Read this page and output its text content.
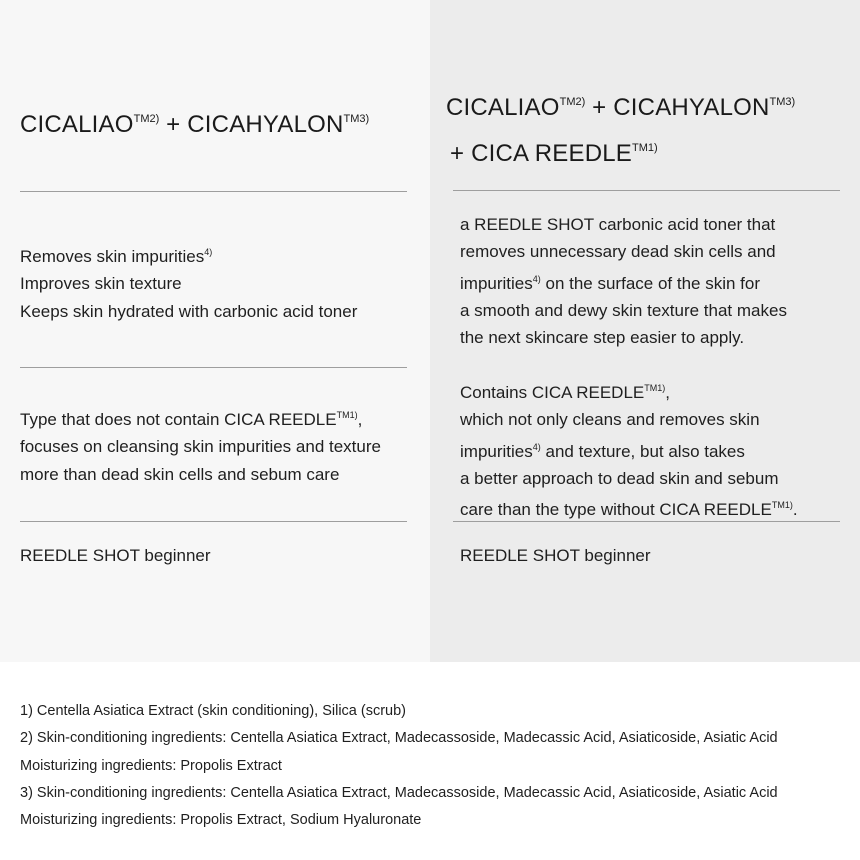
$CICALIAO^{TM2)}$ + $CICAHYALON^{TM3)}$
Removes skin impurities$^{4)}$
Improves skin texture
Keeps skin hydrated with carbonic acid toner
Type that does not contain CICA $REEDLE^{TM1)}$,
focuses on cleansing skin impurities and texture
more than dead skin cells and sebum care
REEDLE SHOT beginner
$CICALIAO^{TM2)}$ + $CICAHYALON^{TM3)}$
+ CICA $REEDLE^{TM1)}$
a REEDLE SHOT carbonic acid toner that
removes unnecessary dead skin cells and
impurities$^{4)}$ on the surface of the skin for
a smooth and dewy skin texture that makes
the next skincare step easier to apply.
Contains CICA $REEDLE^{TM1)}$,
which not only cleans and removes skin
impurities$^{4)}$ and texture, but also takes
a better approach to dead skin and sebum
care than the type without CICA $REEDLE^{TM1)}$.
REEDLE SHOT beginner
1) Centella Asiatica Extract (skin conditioning), Silica (scrub)
2) Skin-conditioning ingredients: Centella Asiatica Extract, Madecassoside, Madecassic Acid, Asiaticoside, Asiatic Acid
Moisturizing ingredients: Propolis Extract
3) Skin-conditioning ingredients: Centella Asiatica Extract, Madecassoside, Madecassic Acid, Asiaticoside, Asiatic Acid
Moisturizing ingredients: Propolis Extract, Sodium Hyaluronate
